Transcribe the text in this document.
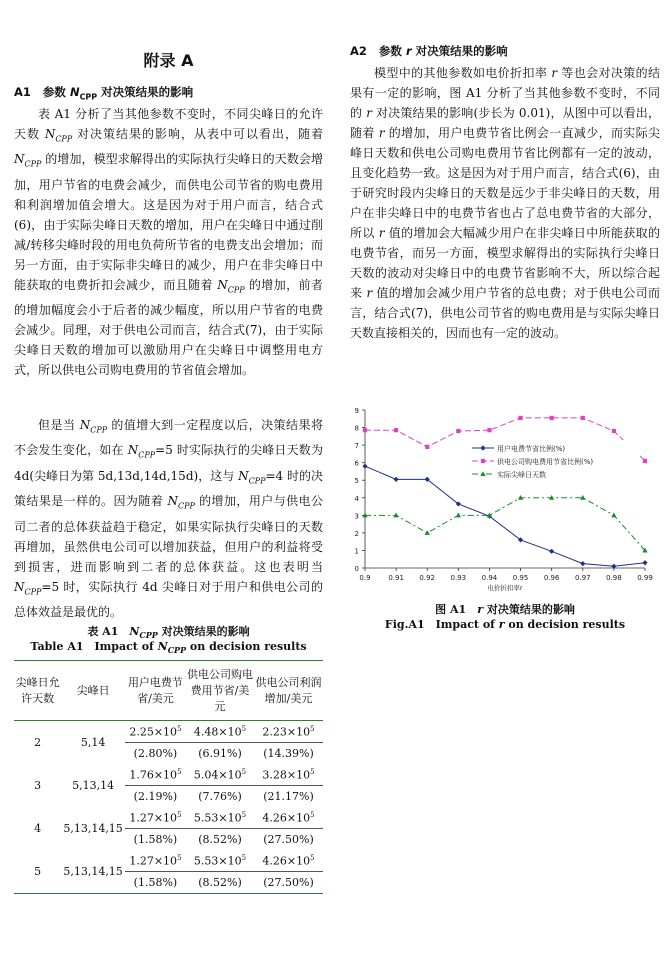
附录 A
A1 参数 $N_{CPP}$ 对决策结果的影响

表 A1 分析了当其他参数不变时，不同尖峰日的允许天数 $N_{CPP}$ 对决策结果的影响，从表中可以看出，随着 $N_{CPP}$ 的增加，模型求解得出的实际执行尖峰日的天数会增加，用户节省的电费会减少，而供电公司节省的购电费用和利润增加值会增大。这是因为对于用户而言，结合式(6)，由于实际尖峰日天数的增加，用户在尖峰日中通过削减/转移尖峰时段的用电负荷所节省的电费支出会增加；而另一方面，由于实际非尖峰日的减少，用户在非尖峰日中能获取的电费折扣会减少，而且随着 $N_{CPP}$ 的增加，前者的增加幅度会小于后者的减少幅度，所以用户节省的电费会减少。同理，对于供电公司而言，结合式(7)，由于实际尖峰日天数的增加可以激励用户在尖峰日中调整用电方式，所以供电公司购电费用的节省值会增加。

但是当 $N_{CPP}$ 的值增大到一定程度以后，决策结果将不会发生变化，如在 $N_{CPP}=5$ 时实际执行的尖峰日天数为 4d(尖峰日为第 5d,13d,14d,15d)，这与 $N_{CPP}=4$ 时的决策结果是一样的。因为随着 $N_{CPP}$ 的增加，用户与供电公司二者的总体获益趋于稳定，如果实际执行尖峰日的天数再增加，虽然供电公司可以增加获益，但用户的利益将受到损害，进而影响到二者的总体获益。这也表明当 $N_{CPP}=5$ 时，实际执行 4d 尖峰日对于用户和供电公司的总体效益是最优的。

表 A1　$N_{CPP}$ 对决策结果的影响
Table A1　Impact of $N_{CPP}$ on decision results
尖峰日允许天数	尖峰日	用户电费节省/美元	供电公司购电费用节省/美元	供电公司利润增加/美元
2	5,14	$2.25\times 10^5$	$4.48\times 10^5$	$2.23\times 10^5$
		(2.80%)	(6.91%)	(14.39%)
3	5,13,14	$1.76\times 10^5$	$5.04\times 10^5$	$3.28\times 10^5$
		(2.19%)	(7.76%)	(21.17%)
4	5,13,14,15	$1.27\times 10^5$	$5.53\times 10^5$	$4.26\times 10^5$
		(1.58%)	(8.52%)	(27.50%)
5	5,13,14,15	$1.27\times 10^5$	$5.53\times 10^5$	$4.26\times 10^5$
		(1.58%)	(8.52%)	(27.50%)
A2 参数 r 对决策结果的影响

模型中的其他参数如电价折扣率 r 等也会对决策的结果有一定的影响，图 A1 分析了当其他参数不变时，不同的 r 对决策结果的影响(步长为 0.01)，从图中可以看出，随着 r 的增加，用户电费节省比例会一直减少，而实际尖峰日天数和供电公司购电费用节省比例都有一定的波动，且变化趋势一致。这是因为对于用户而言，结合式(6)，由于研究时段内尖峰日的天数是远少于非尖峰日的天数，用户在非尖峰日中的电费节省也占了总电费节省的大部分，所以 r 值的增加会大幅减少用户在非尖峰日中所能获取的电费节省，而另一方面，模型求解得出的实际执行尖峰日天数的波动对尖峰日中的电费节省影响不大，所以综合起来 r 值的增加会减少用户节省的总电费；对于供电公司而言，结合式(7)，供电公司节省的购电费用是与实际尖峰日天数直接相关的，因而也有一定的波动。

0
1
2
3
4
5
6
7
8
9
0.9	0.91 0.92 0.93 0.94 0.95 0.96 0.97 0.98 0.99
电价折扣率r
用户电费节省比例(%)
供电公司购电费用节省比例(%)
实际尖峰日天数
图 A1　r 对决策结果的影响
Fig.A1　Impact of r on decision results
